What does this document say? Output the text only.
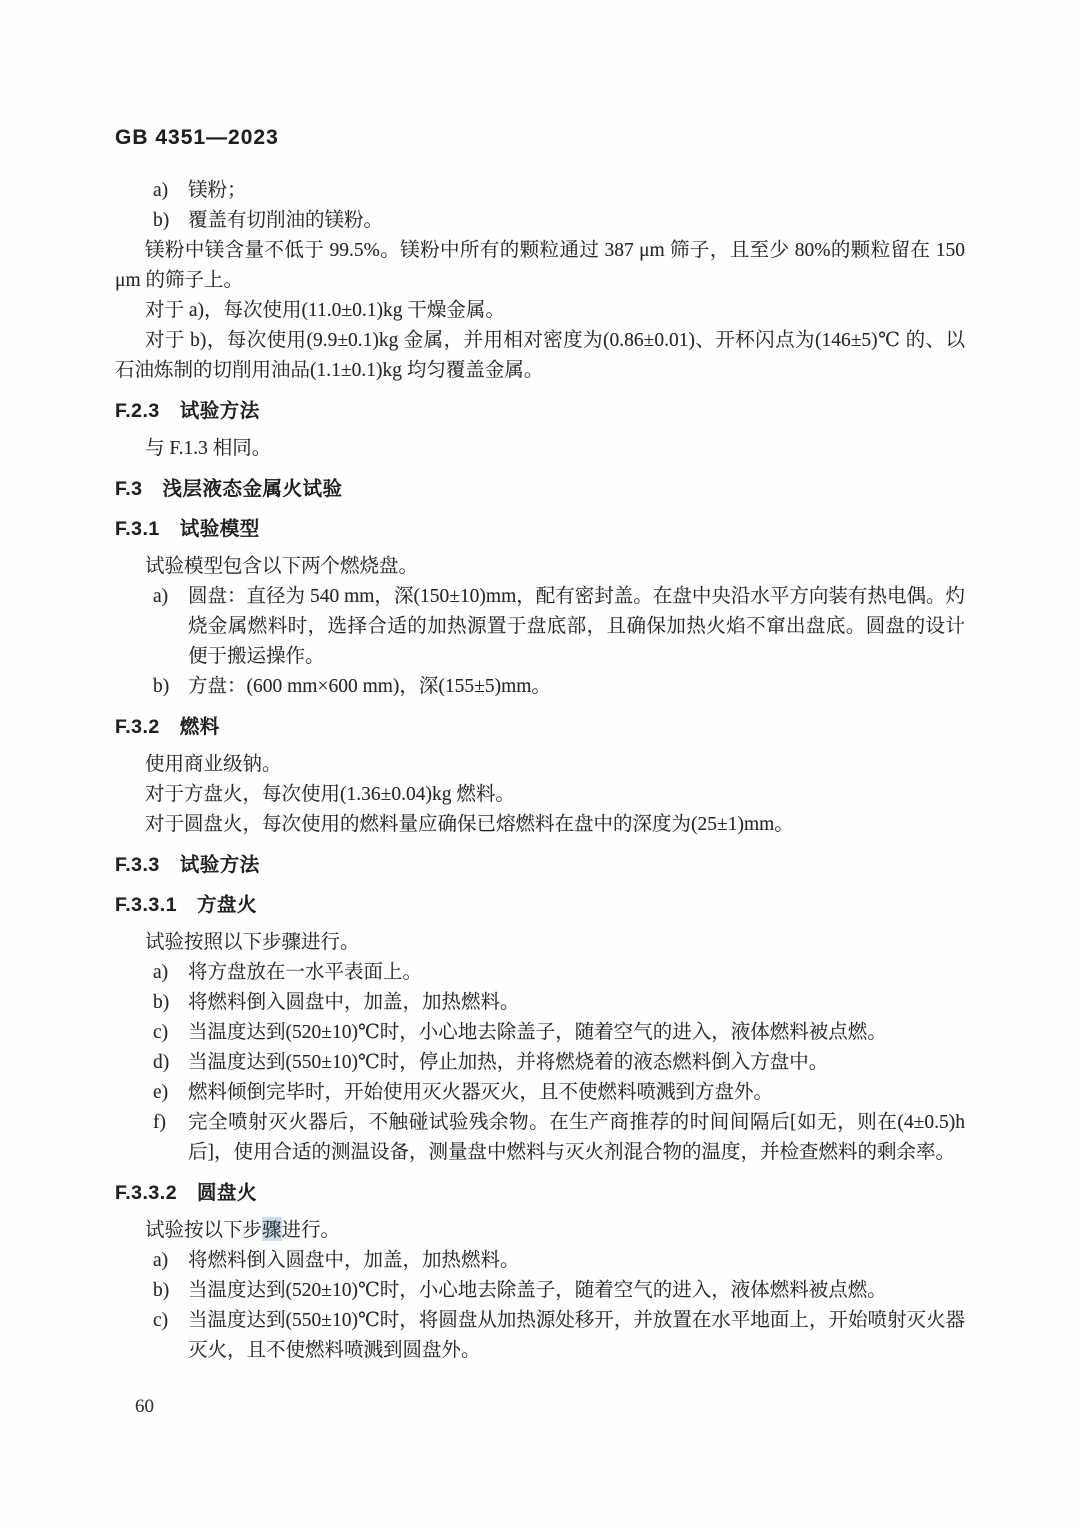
GB 4351—2023
a) 镁粉；
b) 覆盖有切削油的镁粉。

镁粉中镁含量不低于 99.5%。镁粉中所有的颗粒通过 387 μm 筛子，且至少 80%的颗粒留在 150 μm 的筛子上。

对于 a)，每次使用(11.0±0.1)kg 干燥金属。

对于 b)，每次使用(9.9±0.1)kg 金属，并用相对密度为(0.86±0.01)、开杯闪点为(146±5)℃ 的、以石油炼制的切削用油品(1.1±0.1)kg 均匀覆盖金属。

F.2.3 试验方法

与 F.1.3 相同。

F.3 浅层液态金属火试验
F.3.1 试验模型

试验模型包含以下两个燃烧盘。

a) 圆盘：直径为 540 mm，深(150±10)mm，配有密封盖。在盘中央沿水平方向装有热电偶。灼烧金属燃料时，选择合适的加热源置于盘底部，且确保加热火焰不窜出盘底。圆盘的设计便于搬运操作。
b) 方盘：(600 mm×600 mm)，深(155±5)mm。
F.3.2 燃料

使用商业级钠。

对于方盘火，每次使用(1.36±0.04)kg 燃料。

对于圆盘火，每次使用的燃料量应确保已熔燃料在盘中的深度为(25±1)mm。

F.3.3 试验方法
F.3.3.1 方盘火

试验按照以下步骤进行。

a) 将方盘放在一水平表面上。
b) 将燃料倒入圆盘中，加盖，加热燃料。
c) 当温度达到(520±10)℃时，小心地去除盖子，随着空气的进入，液体燃料被点燃。
d) 当温度达到(550±10)℃时，停止加热，并将燃烧着的液态燃料倒入方盘中。
e) 燃料倾倒完毕时，开始使用灭火器灭火，且不使燃料喷溅到方盘外。
f) 完全喷射灭火器后，不触碰试验残余物。在生产商推荐的时间间隔后[如无，则在(4±0.5)h 后]，使用合适的测温设备，测量盘中燃料与灭火剂混合物的温度，并检查燃料的剩余率。
F.3.3.2 圆盘火

试验按以下步骤进行。

a) 将燃料倒入圆盘中，加盖，加热燃料。
b) 当温度达到(520±10)℃时，小心地去除盖子，随着空气的进入，液体燃料被点燃。
c) 当温度达到(550±10)℃时，将圆盘从加热源处移开，并放置在水平地面上，开始喷射灭火器灭火，且不使燃料喷溅到圆盘外。
60
